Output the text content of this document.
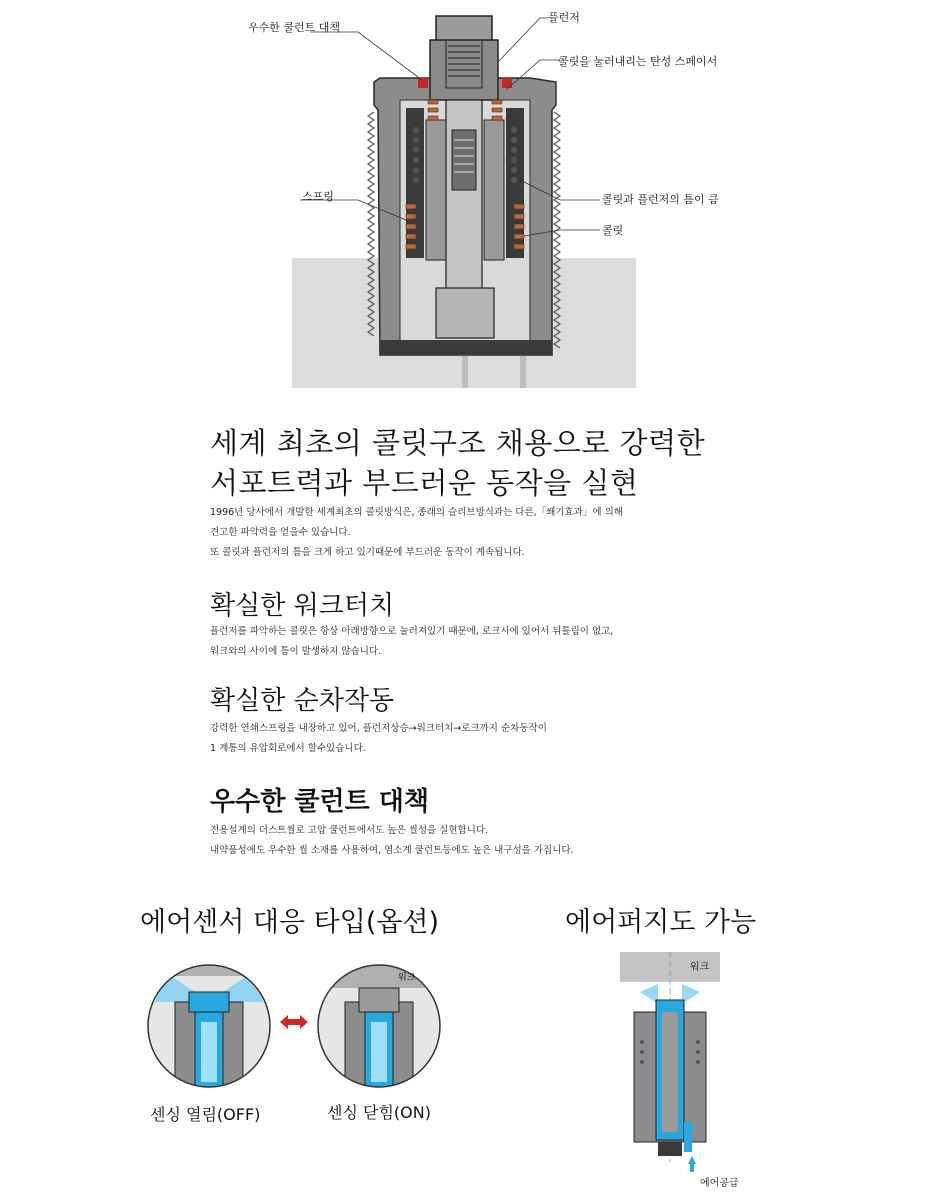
우수한 쿨런트 대책
플런저
콜릿을 눌러내리는 탄성 스페이서
스프링	콜릿과 플런저의 틈이 큼
콜릿
세계 최초의 콜릿구조 채용으로 강력한
서포트력과 부드러운 동작을 실현
1996년 당사에서 개발한 세계최초의 콜릿방식은, 종래의 슬리브방식과는 다른,「쐐기효과」에 의해
견고한 파악력을 얻을수 있습니다.
또 콜릿과 플런저의 틈을 크게 하고 있기때문에 부드러운 동작이 계속됩니다.
확실한 워크터치
플런저를 파악하는 콜릿은 항상 아래방향으로 눌러져있기 때문에, 로크시에 있어서 뒤틀림이 없고,
워크와의 사이에 틈이 발생하지 않습니다.
확실한 순차작동
강력한 연쇄스프링을 내장하고 있어, 플런저상승→워크터치→로크까지 순차동작이
1 계통의 유압회로에서 할수있습니다.
우수한 쿨런트 대책
전용설계의 더스트씰로 고압 쿨런트에서도 높은 씰성을 실현합니다.
내약품성에도 우수한 씰 소재를 사용하여, 염소계 쿨런트등에도 높은 내구성을 가집니다.
에어센서 대응 타입(옵션)
워크
센싱 열림(OFF)	센싱 닫힘(ON)
에어퍼지도 가능
워크
에어공급
